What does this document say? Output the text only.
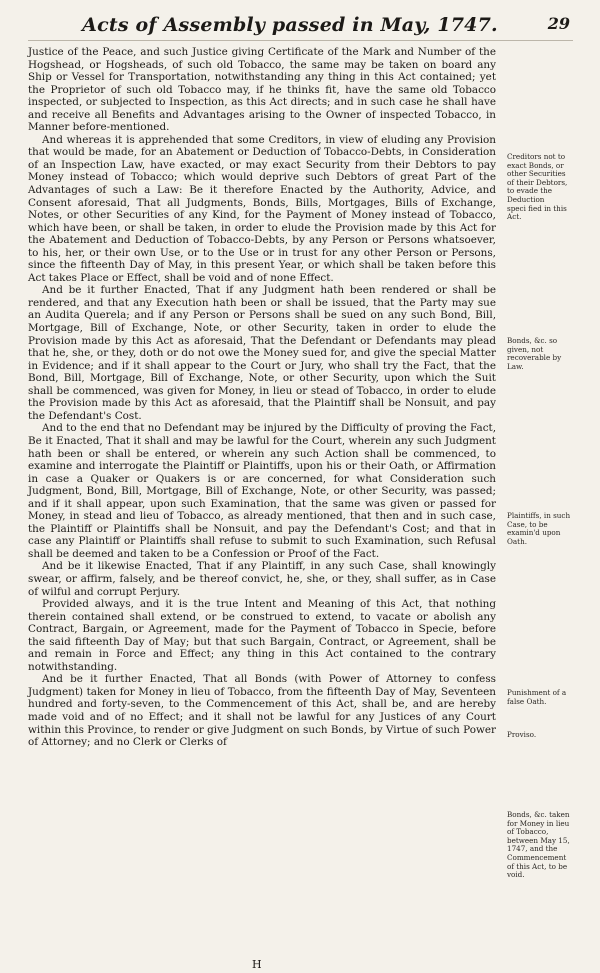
Acts of Assembly passed in May, 1747.	29

Justice of the Peace, and such Justice giving Certificate of the Mark and Number of the Hogshead, or Hogsheads, of such old Tobacco, the same may be taken on board any Ship or Vessel for Transportation, notwithstanding any thing in this Act contained; yet the Proprietor of such old Tobacco may, if he thinks fit, have the same old Tobacco inspected, or subjected to Inspection, as this Act directs; and in such case he shall have and receive all Benefits and Advantages arising to the Owner of inspected Tobacco, in Manner before-mentioned.

And whereas it is apprehended that some Creditors, in view of eluding any Provision that would be made, for an Abatement or Deduction of Tobacco-Debts, in Consideration of an Inspection Law, have exacted, or may exact Security from their Debtors to pay Money instead of Tobacco; which would deprive such Debtors of great Part of the Advantages of such a Law: Be it therefore Enacted by the Authority, Advice, and Consent aforesaid, That all Judgments, Bonds, Bills, Mortgages, Bills of Exchange, Notes, or other Securities of any Kind, for the Payment of Money instead of Tobacco, which have been, or shall be taken, in order to elude the Provision made by this Act for the Abatement and Deduction of Tobacco-Debts, by any Person or Persons whatsoever, to his, her, or their own Use, or to the Use or in trust for any other Person or Persons, since the fifteenth Day of May, in this present Year, or which shall be taken before this Act takes Place or Effect, shall be void and of none Effect.

And be it further Enacted, That if any Judgment hath been rendered or shall be rendered, and that any Execution hath been or shall be issued, that the Party may sue an Audita Querela; and if any Person or Persons shall be sued on any such Bond, Bill, Mortgage, Bill of Exchange, Note, or other Security, taken in order to elude the Provision made by this Act as aforesaid, That the Defendant or Defendants may plead that he, she, or they, doth or do not owe the Money sued for, and give the special Matter in Evidence; and if it shall appear to the Court or Jury, who shall try the Fact, that the Bond, Bill, Mortgage, Bill of Exchange, Note, or other Security, upon which the Suit shall be commenced, was given for Money, in lieu or stead of Tobacco, in order to elude the Provision made by this Act as aforesaid, that the Plaintiff shall be Nonsuit, and pay the Defendant's Cost.

And to the end that no Defendant may be injured by the Difficulty of proving the Fact, Be it Enacted, That it shall and may be lawful for the Court, wherein any such Judgment hath been or shall be entered, or wherein any such Action shall be commenced, to examine and interrogate the Plaintiff or Plaintiffs, upon his or their Oath, or Affirmation in case a Quaker or Quakers is or are concerned, for what Consideration such Judgment, Bond, Bill, Mortgage, Bill of Exchange, Note, or other Security, was passed; and if it shall appear, upon such Examination, that the same was given or passed for Money, in stead and lieu of Tobacco, as already mentioned, that then and in such case, the Plaintiff or Plaintiffs shall be Nonsuit, and pay the Defendant's Cost; and that in case any Plaintiff or Plaintiffs shall refuse to submit to such Examination, such Refusal shall be deemed and taken to be a Confession or Proof of the Fact.

And be it likewise Enacted, That if any Plaintiff, in any such Case, shall knowingly swear, or affirm, falsely, and be thereof convict, he, she, or they, shall suffer, as in Case of wilful and corrupt Perjury.

Provided always, and it is the true Intent and Meaning of this Act, that nothing therein contained shall extend, or be construed to extend, to vacate or abolish any Contract, Bargain, or Agreement, made for the Payment of Tobacco in Specie, before the said fifteenth Day of May; but that such Bargain, Contract, or Agreement, shall be and remain in Force and Effect; any thing in this Act contained to the contrary notwithstanding.

And be it further Enacted, That all Bonds (with Power of Attorney to confess Judgment) taken for Money in lieu of Tobacco, from the fifteenth Day of May, Seventeen hundred and forty-seven, to the Commencement of this Act, shall be, and are hereby made void and of no Effect; and it shall not be lawful for any Justices of any Court within this Province, to render or give Judgment on such Bonds, by Virtue of such Power of Attorney; and no Clerk or Clerks of

Creditors not to exact Bonds, or other Securities of their Debtors, to evade the Deduction speci fied in this Act.
Bonds, &c. so given, not recoverable by Law.
Plaintiffs, in such Case, to be examin'd upon Oath.
Punishment of a false Oath.
Proviso.
Bonds, &c. taken for Money in lieu of Tobacco, between May 15, 1747, and the Commencement of this Act, to be void.
H
